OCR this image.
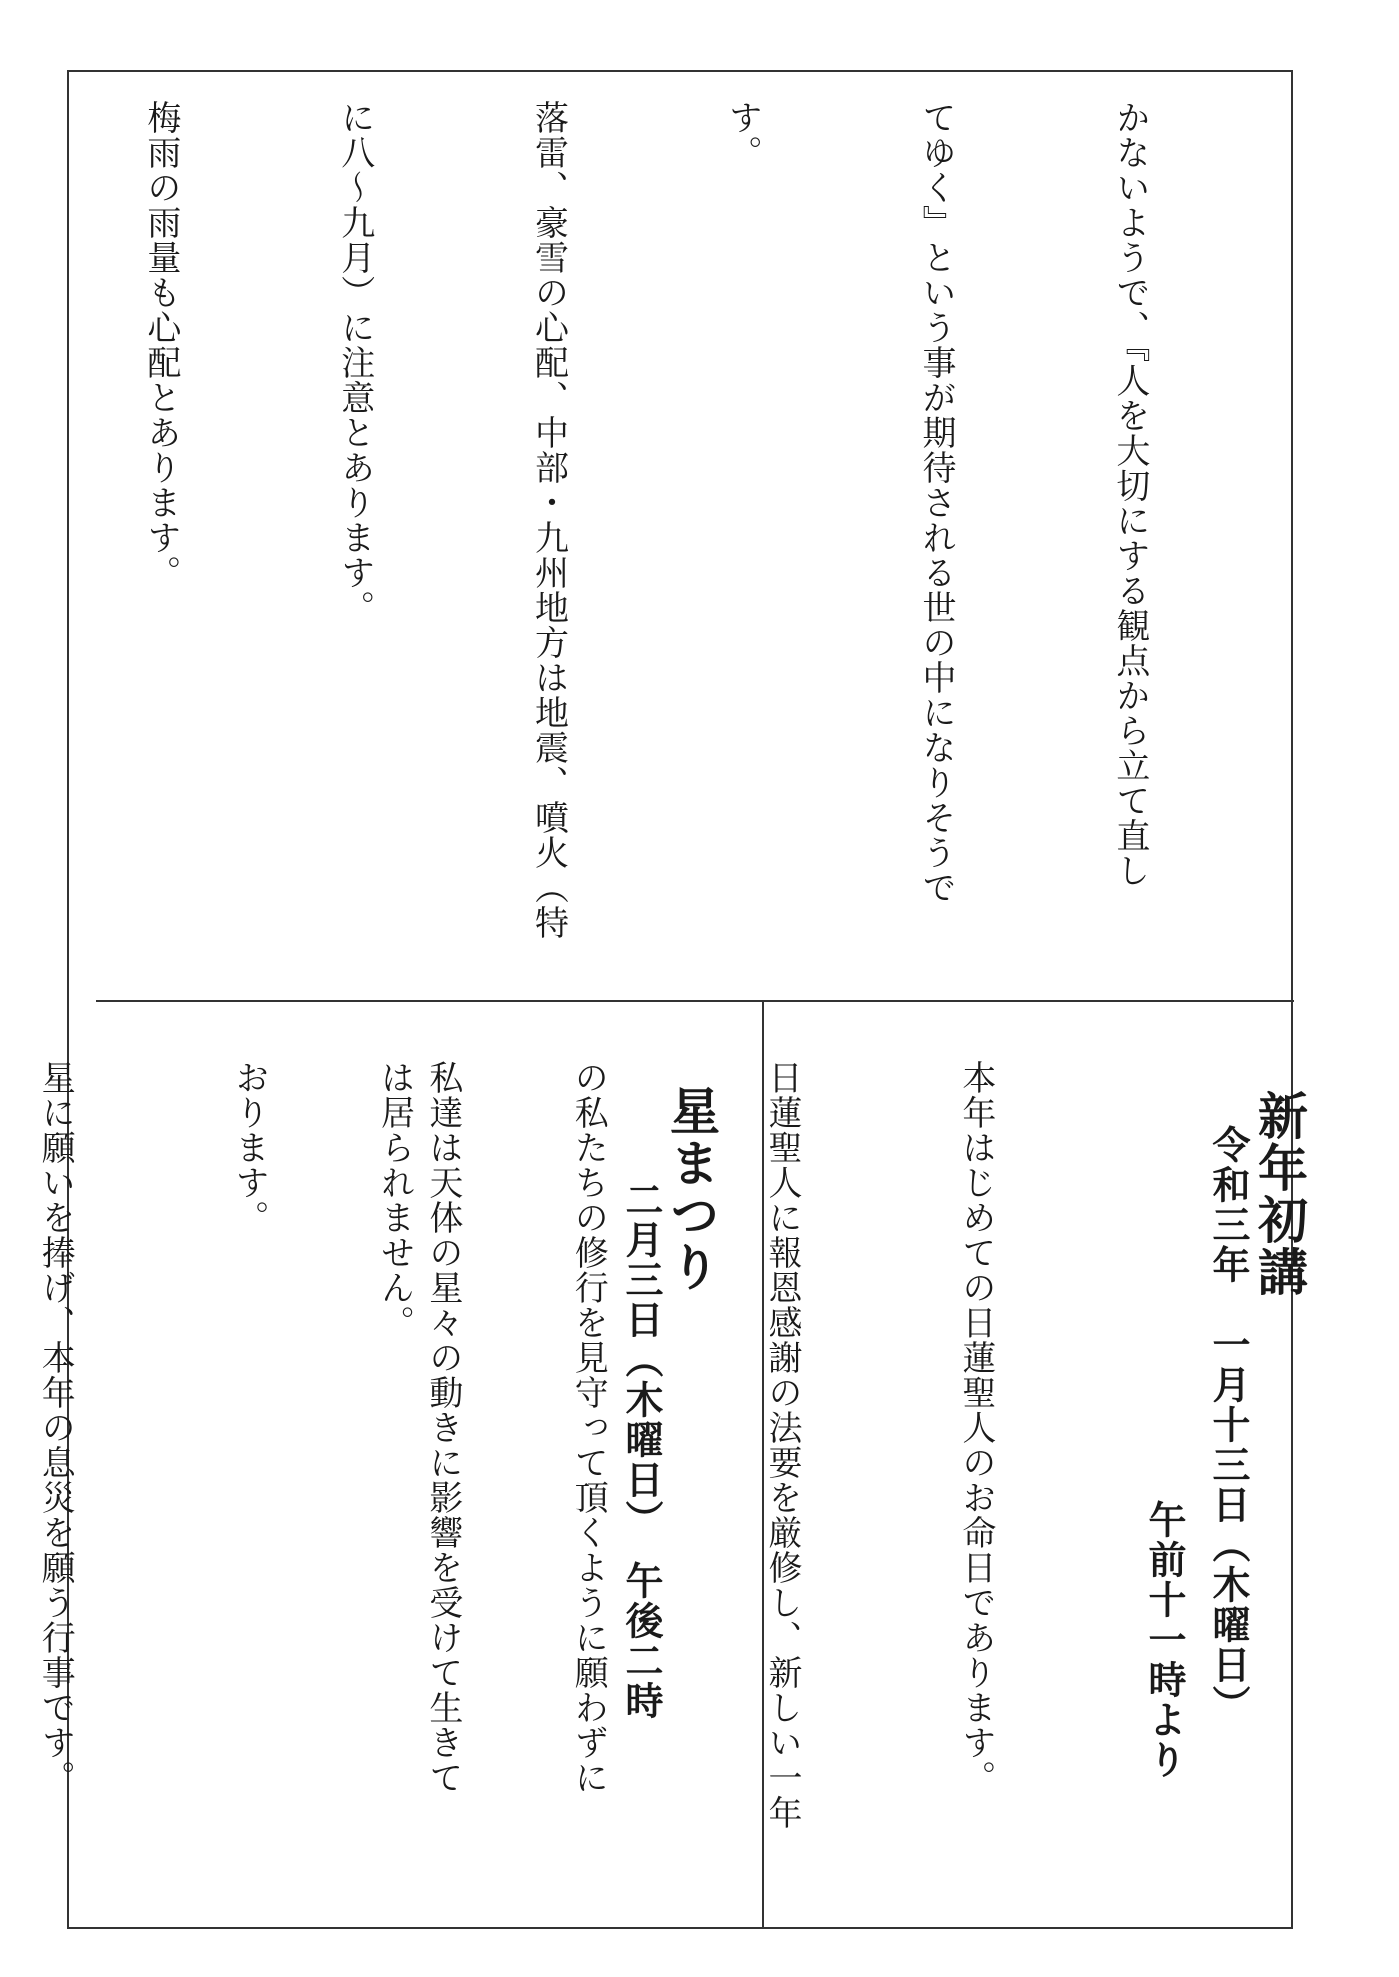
かないようで、『人を大切にする観点から立て直し

てゆく』という事が期待される世の中になりそうで

す。

落雷、豪雪の心配、中部・九州地方は地震、噴火（特

に八〜九月）に注意とあります。

梅雨の雨量も心配とあります。

新年初講
令和三年　一月十三日（木曜日）
午前十一時より

本年はじめての日蓮聖人のお命日であります。

日蓮聖人に報恩感謝の法要を厳修し、新しい一年

の私たちの修行を見守って頂くように願わずに

は居られません。	星まつり
二月三日（木曜日）　午後二時

私達は天体の星々の動きに影響を受けて生きて

おります。

星に願いを捧げ、本年の息災を願う行事です。
